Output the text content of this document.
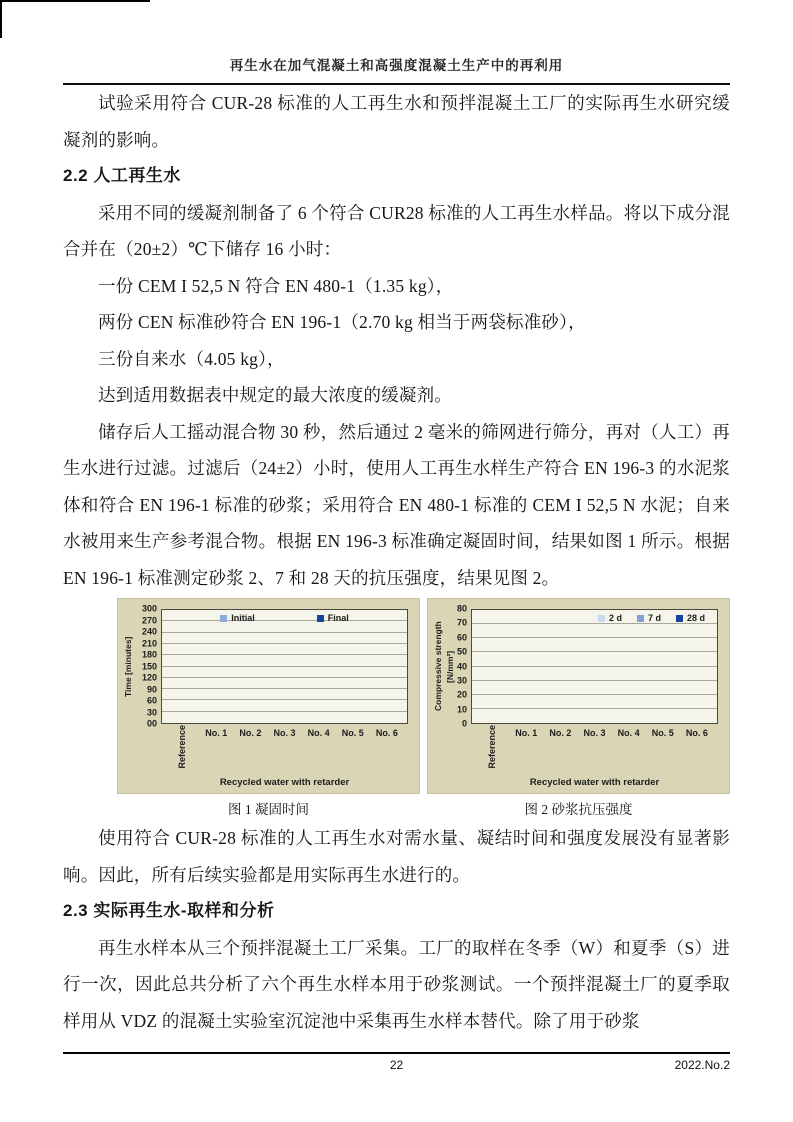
再生水在加气混凝土和高强度混凝土生产中的再利用

试验采用符合 CUR-28 标准的人工再生水和预拌混凝土工厂的实际再生水研究缓凝剂的影响。

2.2 人工再生水

采用不同的缓凝剂制备了 6 个符合 CUR28 标准的人工再生水样品。将以下成分混合并在（20±2）℃下储存 16 小时：

一份 CEM I 52,5 N 符合 EN 480-1（1.35 kg），

两份 CEN 标准砂符合 EN 196-1（2.70 kg 相当于两袋标准砂），

三份自来水（4.05 kg），

达到适用数据表中规定的最大浓度的缓凝剂。

储存后人工摇动混合物 30 秒，然后通过 2 毫米的筛网进行筛分，再对（人工）再生水进行过滤。过滤后（24±2）小时，使用人工再生水样生产符合 EN 196-3 的水泥浆体和符合 EN 196-1 标准的砂浆；采用符合 EN 480-1 标准的 CEM I 52,5 N 水泥；自来水被用来生产参考混合物。根据 EN 196-3 标准确定凝固时间，结果如图 1 所示。根据 EN 196-1 标准测定砂浆 2、7 和 28 天的抗压强度，结果见图 2。

Time [minutes]
00
30
60
90
120
150
180
210
240
270
300
Initial	Final
Reference No. 1 No. 2 No. 3 No. 4 No. 5 No. 6
Recycled water with retarder
Compressive strength [N/mm²]
0
10
20
30
40
50
60
70
80
2 d	7 d	28 d
Reference No. 1 No. 2 No. 3 No. 4 No. 5 No. 6
Recycled water with retarder
图 1 凝固时间	图 2 砂浆抗压强度

使用符合 CUR-28 标准的人工再生水对需水量、凝结时间和强度发展没有显著影响。因此，所有后续实验都是用实际再生水进行的。

2.3 实际再生水-取样和分析

再生水样本从三个预拌混凝土工厂采集。工厂的取样在冬季（W）和夏季（S）进行一次，因此总共分析了六个再生水样本用于砂浆测试。一个预拌混凝土厂的夏季取样用从 VDZ 的混凝土实验室沉淀池中采集再生水样本替代。除了用于砂浆

22	2022.No.2
